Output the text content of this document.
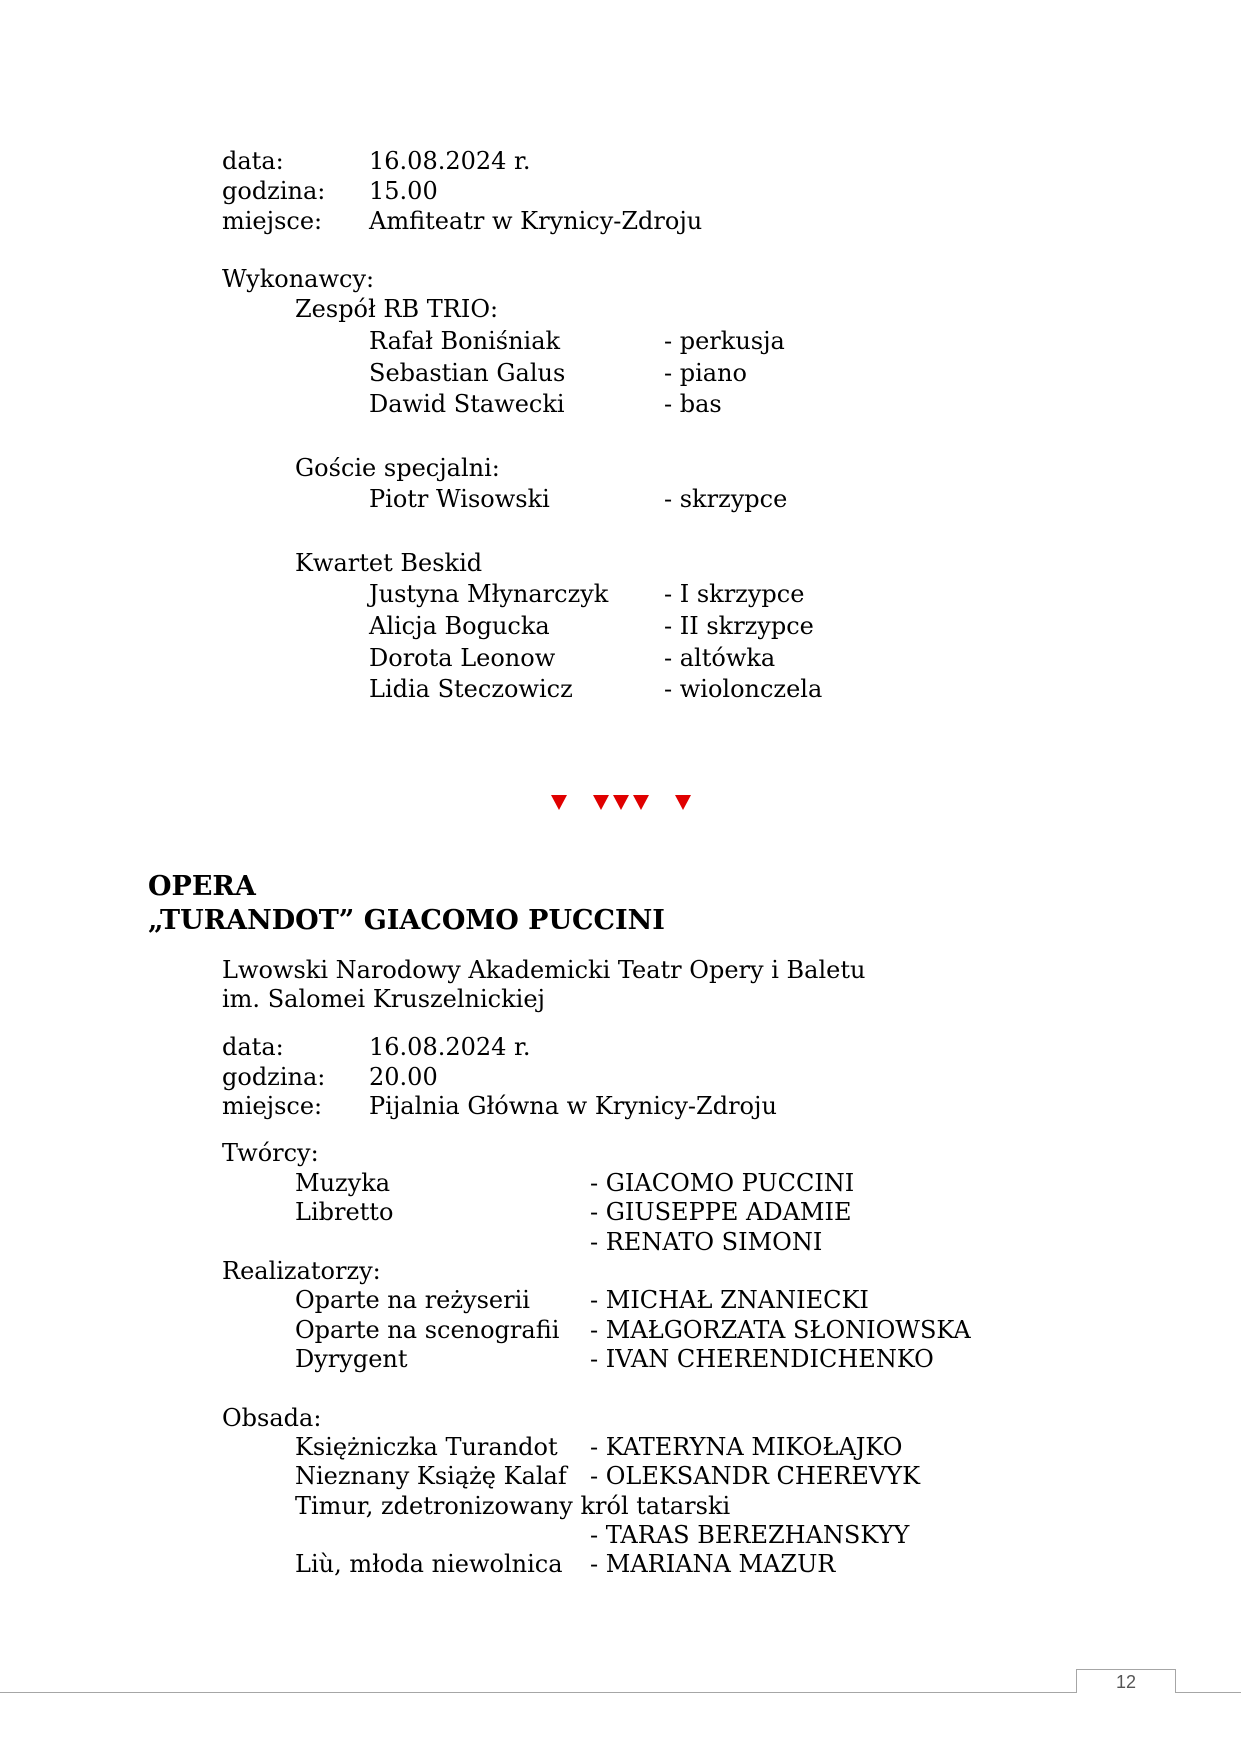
data:	16.08.2024 r.
godzina: 15.00
miejsce: Amfiteatr w Krynicy-Zdroju
Wykonawcy:
Zespół RB TRIO:
Rafał Boniśniak	- perkusja
Sebastian Galus	- piano
Dawid Stawecki	- bas
Goście specjalni:
Piotr Wisowski	- skrzypce
Kwartet Beskid
Justyna Młynarczyk - I skrzypce
Alicja Bogucka	- II skrzypce
Dorota Leonow	- altówka
Lidia Steczowicz	- wiolonczela
OPERA
„TURANDOT” GIACOMO PUCCINI
Lwowski Narodowy Akademicki Teatr Opery i Baletu
im. Salomei Kruszelnickiej
data:	16.08.2024 r.
godzina: 20.00
miejsce: Pijalnia Główna w Krynicy-Zdroju
Twórcy:
Muzyka	- GIACOMO PUCCINI
Libretto	- GIUSEPPE ADAMIE
- RENATO SIMONI
Realizatorzy:
Oparte na reżyserii	- MICHAŁ ZNANIECKI
Oparte na scenografii - MAŁGORZATA SŁONIOWSKA
Dyrygent	- IVAN CHERENDICHENKO
Obsada:
Księżniczka Turandot - KATERYNA MIKOŁAJKO
Nieznany Książę Kalaf - OLEKSANDR CHEREVYK
Timur, zdetronizowany król tatarski
- TARAS BEREZHANSKYY
Liù, młoda niewolnica - MARIANA MAZUR
12
